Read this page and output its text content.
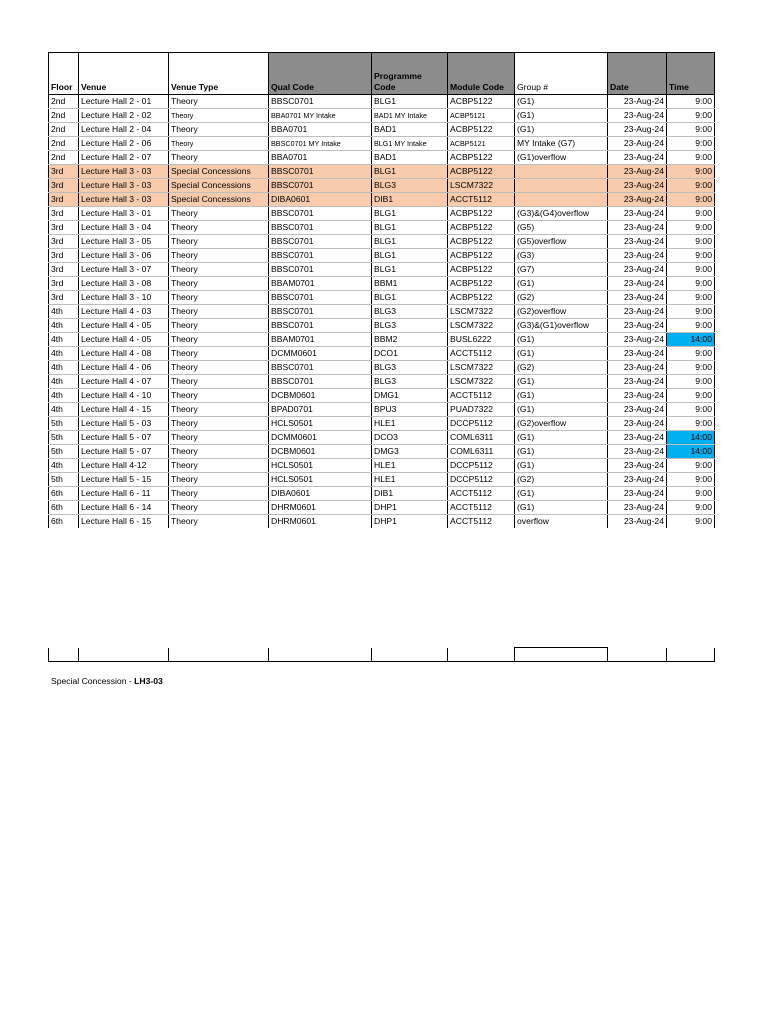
Floor	Venue	Venue Type	Qual Code	Programme Code	Module Code	Group #	Date	Time
2nd	Lecture Hall 2 - 01	Theory	BBSC0701	BLG1	ACBP5122	(G1)	23-Aug-24	9:00
2nd	Lecture Hall 2 - 02	Theory	BBA0701 MY Intake	BAD1 MY Intake	ACBP5121	(G1)	23-Aug-24	9:00
2nd	Lecture Hall 2 - 04	Theory	BBA0701	BAD1	ACBP5122	(G1)	23-Aug-24	9:00
2nd	Lecture Hall 2 - 06	Theory	BBSC0701 MY Intake	BLG1 MY Intake	ACBP5121	MY Intake (G7)	23-Aug-24	9:00
2nd	Lecture Hall 2 - 07	Theory	BBA0701	BAD1	ACBP5122	(G1)overflow	23-Aug-24	9:00
3rd	Lecture Hall 3 - 03	Special Concessions	BBSC0701	BLG1	ACBP5122		23-Aug-24	9:00
3rd	Lecture Hall 3 - 03	Special Concessions	BBSC0701	BLG3	LSCM7322		23-Aug-24	9:00
3rd	Lecture Hall 3 - 03	Special Concessions	DIBA0601	DIB1	ACCT5112		23-Aug-24	9:00
3rd	Lecture Hall 3 - 01	Theory	BBSC0701	BLG1	ACBP5122	(G3)&(G4)overflow	23-Aug-24	9:00
3rd	Lecture Hall 3 - 04	Theory	BBSC0701	BLG1	ACBP5122	(G5)	23-Aug-24	9:00
3rd	Lecture Hall 3 - 05	Theory	BBSC0701	BLG1	ACBP5122	(G5)overflow	23-Aug-24	9:00
3rd	Lecture Hall 3 - 06	Theory	BBSC0701	BLG1	ACBP5122	(G3)	23-Aug-24	9:00
3rd	Lecture Hall 3 - 07	Theory	BBSC0701	BLG1	ACBP5122	(G7)	23-Aug-24	9:00
3rd	Lecture Hall 3 - 08	Theory	BBAM0701	BBM1	ACBP5122	(G1)	23-Aug-24	9:00
3rd	Lecture Hall 3 - 10	Theory	BBSC0701	BLG1	ACBP5122	(G2)	23-Aug-24	9:00
4th	Lecture Hall 4 - 03	Theory	BBSC0701	BLG3	LSCM7322	(G2)overflow	23-Aug-24	9:00
4th	Lecture Hall 4 - 05	Theory	BBSC0701	BLG3	LSCM7322	(G3)&(G1)overflow	23-Aug-24	9:00
4th	Lecture Hall 4 - 05	Theory	BBAM0701	BBM2	BUSL6222	(G1)	23-Aug-24	14:00
4th	Lecture Hall 4 - 08	Theory	DCMM0601	DCO1	ACCT5112	(G1)	23-Aug-24	9:00
4th	Lecture Hall 4 - 06	Theory	BBSC0701	BLG3	LSCM7322	(G2)	23-Aug-24	9:00
4th	Lecture Hall 4 - 07	Theory	BBSC0701	BLG3	LSCM7322	(G1)	23-Aug-24	9:00
4th	Lecture Hall 4 - 10	Theory	DCBM0601	DMG1	ACCT5112	(G1)	23-Aug-24	9:00
4th	Lecture Hall 4 - 15	Theory	BPAD0701	BPU3	PUAD7322	(G1)	23-Aug-24	9:00
5th	Lecture Hall 5 - 03	Theory	HCLS0501	HLE1	DCCP5112	(G2)overflow	23-Aug-24	9:00
5th	Lecture Hall 5 - 07	Theory	DCMM0601	DCO3	COML6311	(G1)	23-Aug-24	14:00
5th	Lecture Hall 5 - 07	Theory	DCBM0601	DMG3	COML6311	(G1)	23-Aug-24	14:00
4th	Lecture Hall 4-12	Theory	HCLS0501	HLE1	DCCP5112	(G1)	23-Aug-24	9:00
5th	Lecture Hall 5 - 15	Theory	HCLS0501	HLE1	DCCP5112	(G2)	23-Aug-24	9:00
6th	Lecture Hall 6 - 11	Theory	DIBA0601	DIB1	ACCT5112	(G1)	23-Aug-24	9:00
6th	Lecture Hall 6 - 14	Theory	DHRM0601	DHP1	ACCT5112	(G1)	23-Aug-24	9:00
6th	Lecture Hall 6 - 15	Theory	DHRM0601	DHP1	ACCT5112	overflow	23-Aug-24	9:00

Special Concession - LH3-03
